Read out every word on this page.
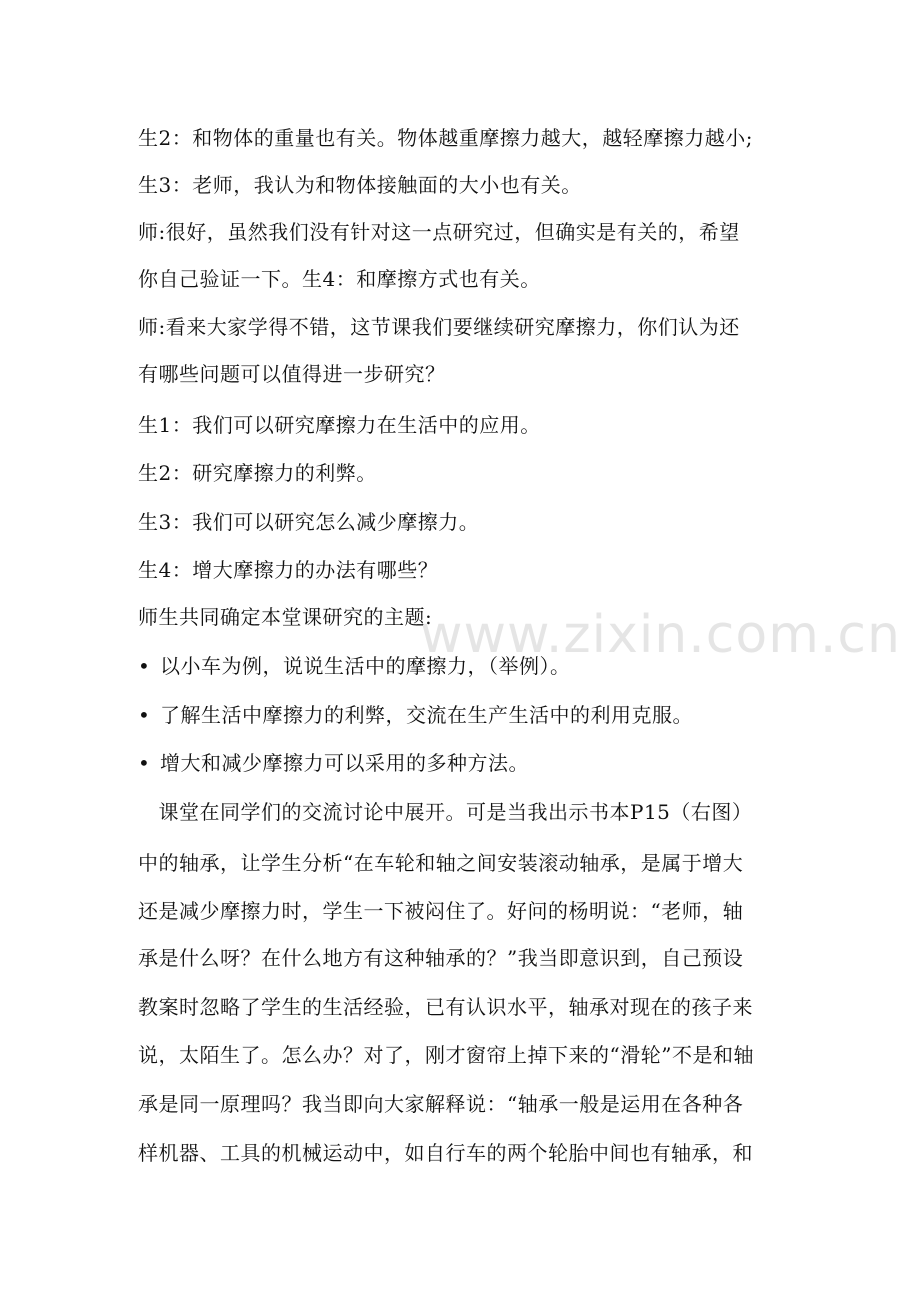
www.zixin.com.cn
生2：和物体的重量也有关。物体越重摩擦力越大，越轻摩擦力越小;
生3：老师，我认为和物体接触面的大小也有关。
师:很好，虽然我们没有针对这一点研究过，但确实是有关的，希望
你自己验证一下。生4：和摩擦方式也有关。
师:看来大家学得不错，这节课我们要继续研究摩擦力，你们认为还
有哪些问题可以值得进一步研究？
生1：我们可以研究摩擦力在生活中的应用。
生2：研究摩擦力的利弊。
生3：我们可以研究怎么减少摩擦力。
生4：增大摩擦力的办法有哪些？
师生共同确定本堂课研究的主题:
• 以小车为例，说说生活中的摩擦力，（举例）。
• 了解生活中摩擦力的利弊，交流在生产生活中的利用克服。
• 增大和减少摩擦力可以采用的多种方法。
　课堂在同学们的交流讨论中展开。可是当我出示书本P15（右图）
中的轴承，让学生分析“在车轮和轴之间安装滚动轴承，是属于增大
还是减少摩擦力时，学生一下被闷住了。好问的杨明说：“老师，轴
承是什么呀？在什么地方有这种轴承的？”我当即意识到，自己预设
教案时忽略了学生的生活经验，已有认识水平，轴承对现在的孩子来
说，太陌生了。怎么办？对了，刚才窗帘上掉下来的“滑轮”不是和轴
承是同一原理吗？我当即向大家解释说：“轴承一般是运用在各种各
样机器、工具的机械运动中，如自行车的两个轮胎中间也有轴承，和
